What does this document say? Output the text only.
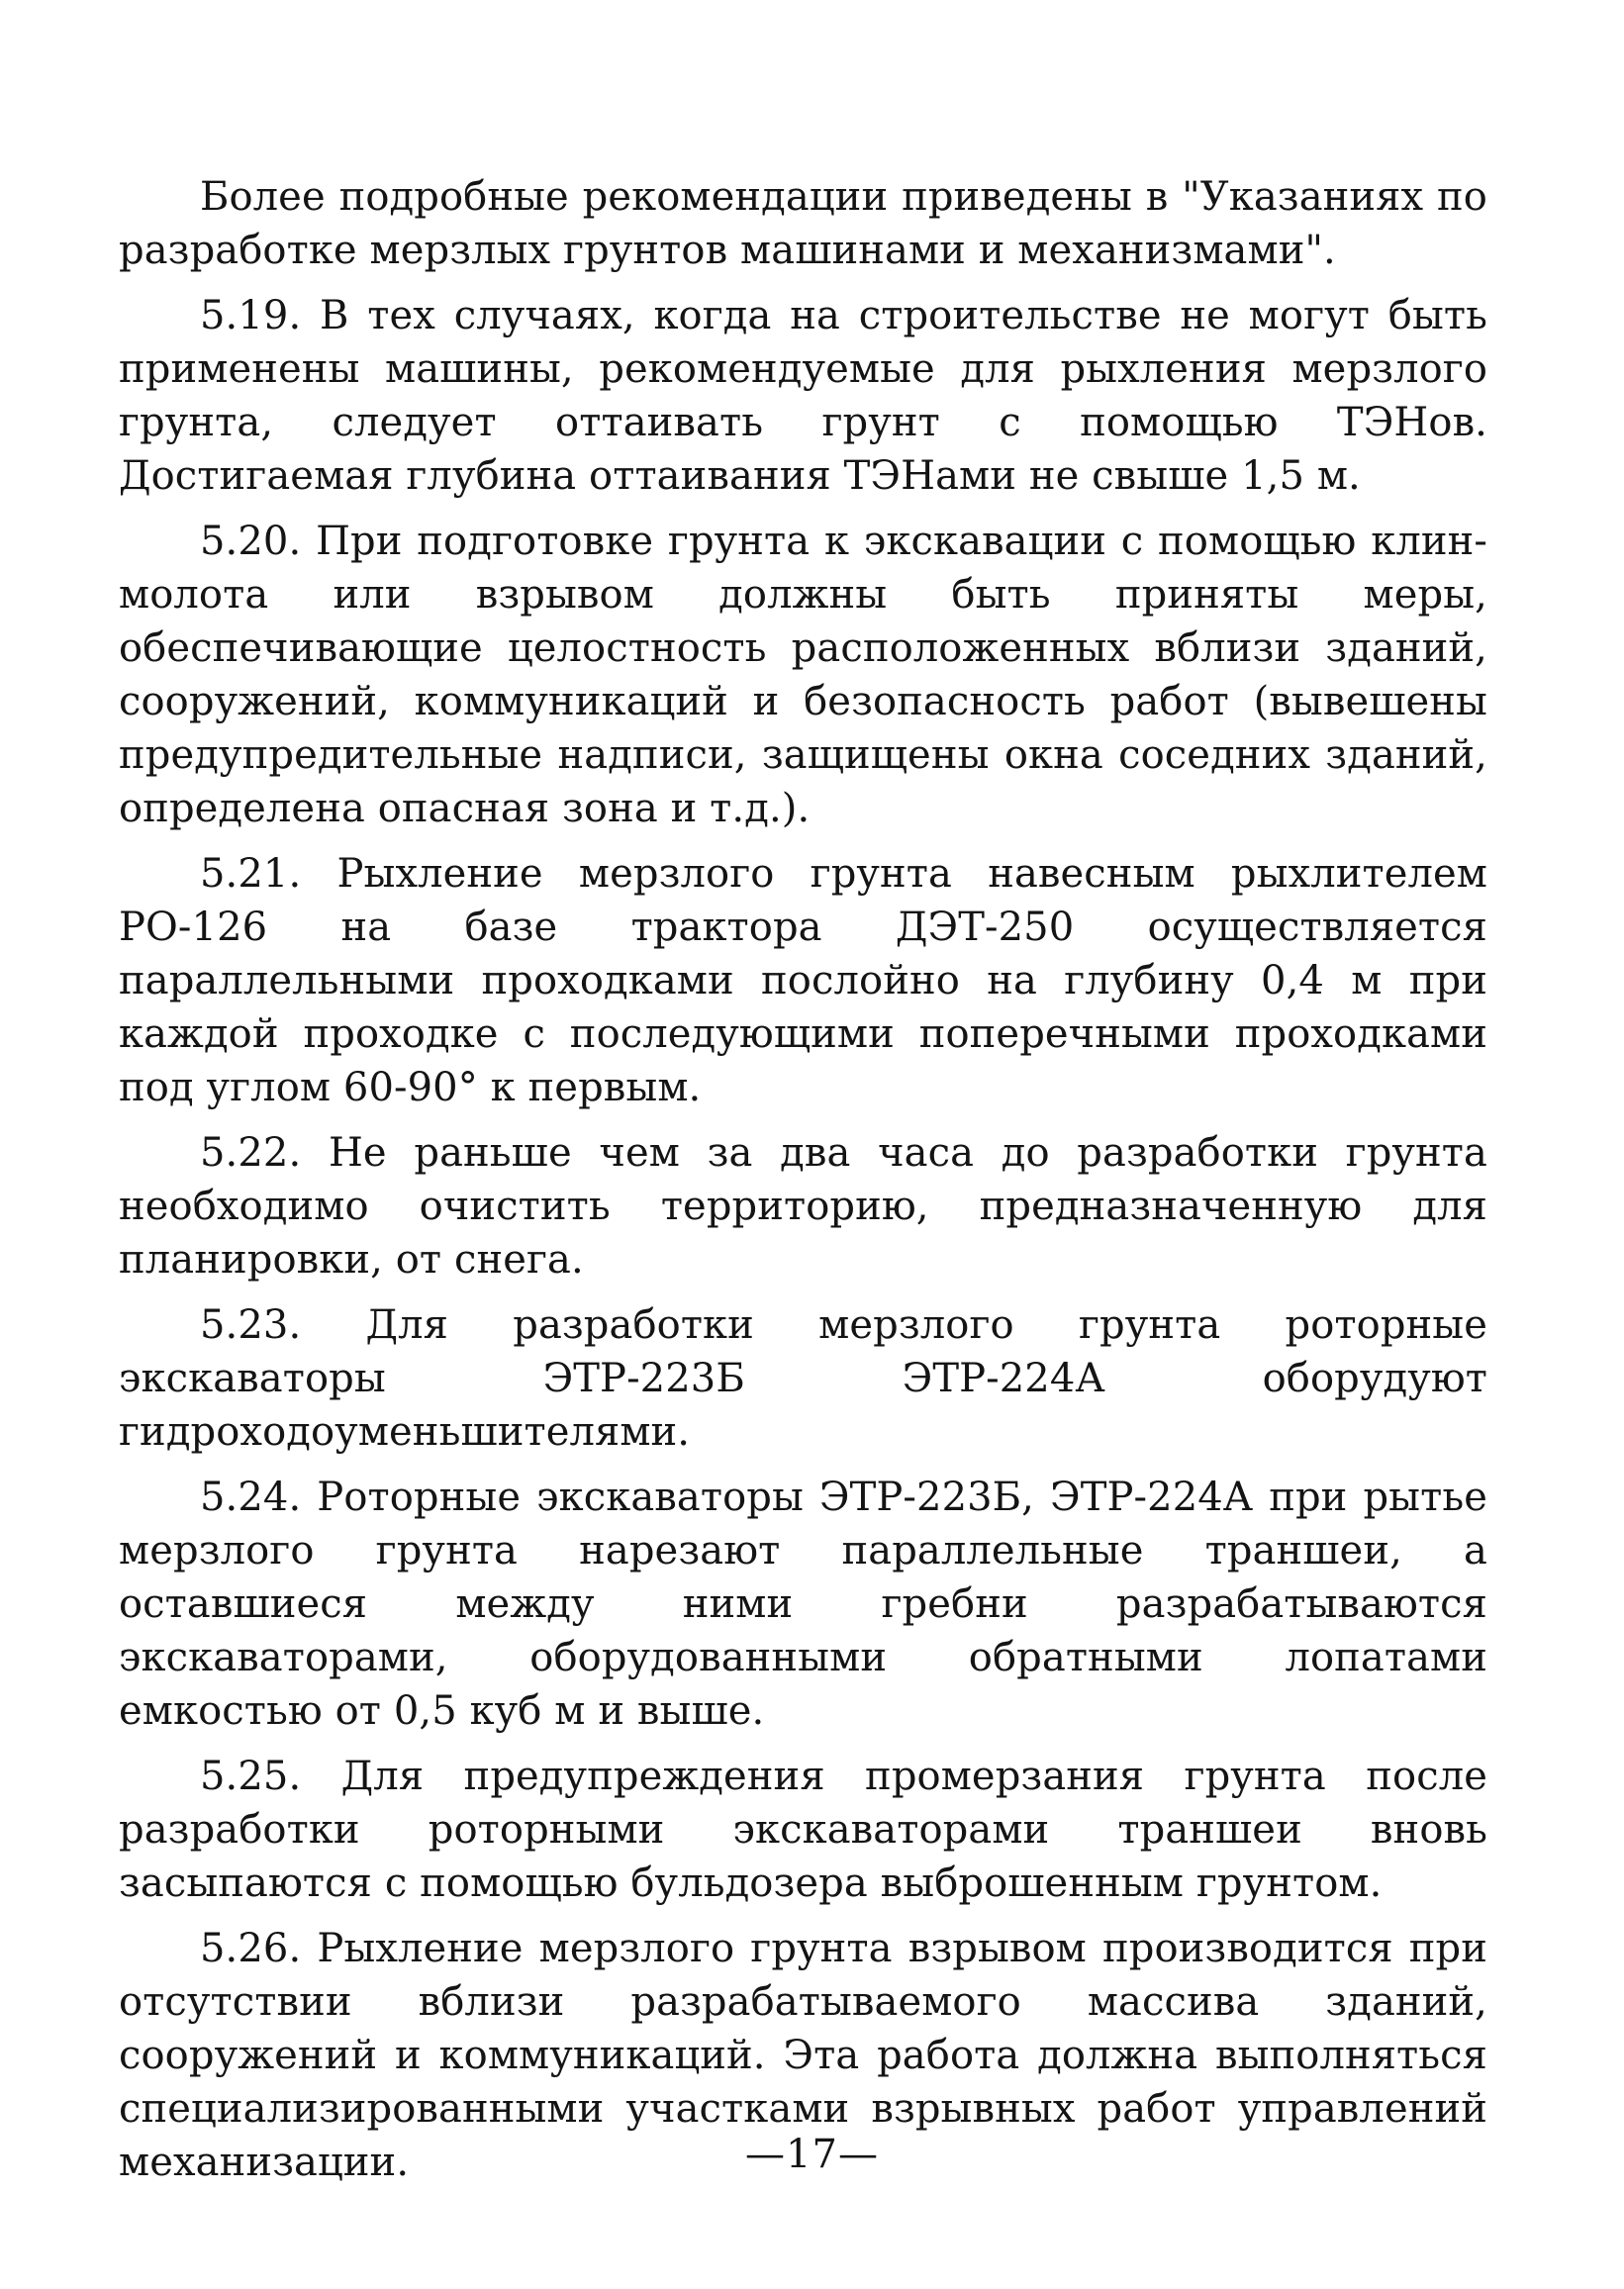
Более подробные рекомендации приведены в "Указаниях по разработке мерзлых грунтов машинами и механизмами".

5.19. В тех случаях, когда на строительстве не могут быть применены машины, рекомендуемые для рыхления мерзлого грунта, следует оттаивать грунт с помощью ТЭНов. Достигаемая глубина оттаивания ТЭНами не свыше 1,5 м.

5.20. При подготовке грунта к экскавации с помощью клин-молота или взрывом должны быть приняты меры, обеспечивающие целостность расположенных вблизи зданий, сооружений, коммуникаций и безопасность работ (вывешены предупредительные надписи, защищены окна соседних зданий, определена опасная зона и т.д.).

5.21. Рыхление мерзлого грунта навесным рыхлителем РО-126 на базе трактора ДЭТ-250 осуществляется параллельными проходками послойно на глубину 0,4 м при каждой проходке с последующими поперечными проходками под углом 60-90° к первым.

5.22. Не раньше чем за два часа до разработки грунта необходимо очистить территорию, предназначенную для планировки, от снега.

5.23. Для разработки мерзлого грунта роторные экскаваторы ЭТР-223Б ЭТР-224А оборудуют гидроходоуменьшителями.

5.24. Роторные экскаваторы ЭТР-223Б, ЭТР-224А при рытье мерзлого грунта нарезают параллельные траншеи, а оставшиеся между ними гребни разрабатываются экскаваторами, оборудованными обратными лопатами емкостью от 0,5 куб м и выше.

5.25. Для предупреждения промерзания грунта после разработки роторными экскаваторами траншеи вновь засыпаются с помощью бульдозера выброшенным грунтом.

5.26. Рыхление мерзлого грунта взрывом производится при отсутствии вблизи разрабатываемого массива зданий, сооружений и коммуникаций. Эта работа должна выполняться специализированными участками взрывных работ управлений механизации.	—17—
